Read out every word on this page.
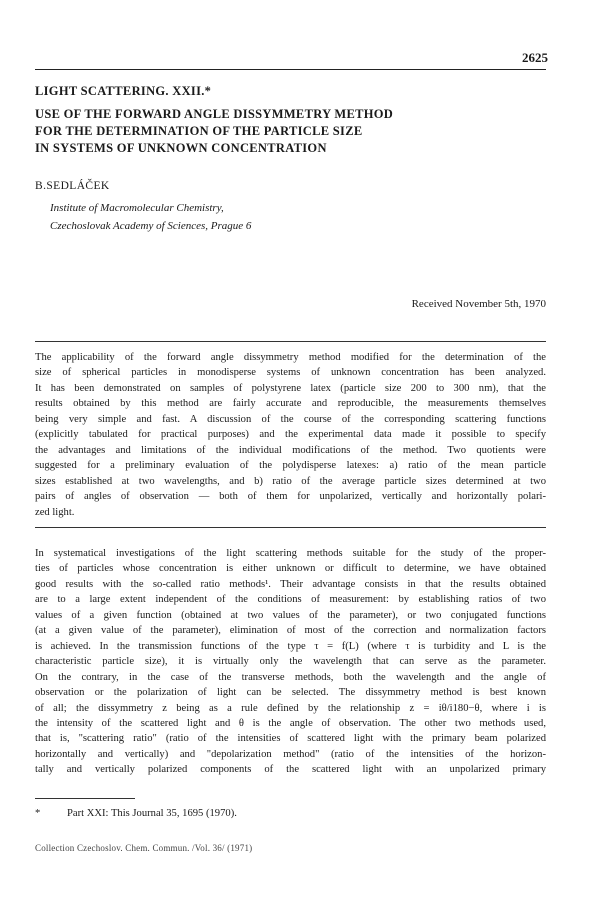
2625
LIGHT SCATTERING. XXII.*
USE OF THE FORWARD ANGLE DISSYMMETRY METHOD
FOR THE DETERMINATION OF THE PARTICLE SIZE
IN SYSTEMS OF UNKNOWN CONCENTRATION
B.SEDLÁČEK
Institute of Macromolecular Chemistry,
Czechoslovak Academy of Sciences, Prague 6
Received November 5th, 1970
The applicability of the forward angle dissymmetry method modified for the determination of the
size of spherical particles in monodisperse systems of unknown concentration has been analyzed.
It has been demonstrated on samples of polystyrene latex (particle size 200 to 300 nm), that the
results obtained by this method are fairly accurate and reproducible, the measurements themselves
being very simple and fast. A discussion of the course of the corresponding scattering functions
(explicitly tabulated for practical purposes) and the experimental data made it possible to specify
the advantages and limitations of the individual modifications of the method. Two quotients were
suggested for a preliminary evaluation of the polydisperse latexes: a) ratio of the mean particle
sizes established at two wavelengths, and b) ratio of the average particle sizes determined at two
pairs of angles of observation — both of them for unpolarized, vertically and horizontally polari-
zed light.
In systematical investigations of the light scattering methods suitable for the study of the proper-
ties of particles whose concentration is either unknown or difficult to determine, we have obtained
good results with the so-called ratio methods¹. Their advantage consists in that the results obtained
are to a large extent independent of the conditions of measurement: by establishing ratios of two
values of a given function (obtained at two values of the parameter), or two conjugated functions
(at a given value of the parameter), elimination of most of the correction and normalization factors
is achieved. In the transmission functions of the type τ = f(L) (where τ is turbidity and L is the
characteristic particle size), it is virtually only the wavelength that can serve as the parameter.
On the contrary, in the case of the transverse methods, both the wavelength and the angle of
observation or the polarization of light can be selected. The dissymmetry method is best known
of all; the dissymmetry z being as a rule defined by the relationship z = iθ/i180−θ, where i is
the intensity of the scattered light and θ is the angle of observation. The other two methods used,
that is, "scattering ratio" (ratio of the intensities of scattered light with the primary beam polarized
horizontally and vertically) and "depolarization method" (ratio of the intensities of the horizon-
tally and vertically polarized components of the scattered light with an unpolarized primary
*	Part XXI: This Journal 35, 1695 (1970).
Collection Czechoslov. Chem. Commun. /Vol. 36/ (1971)
